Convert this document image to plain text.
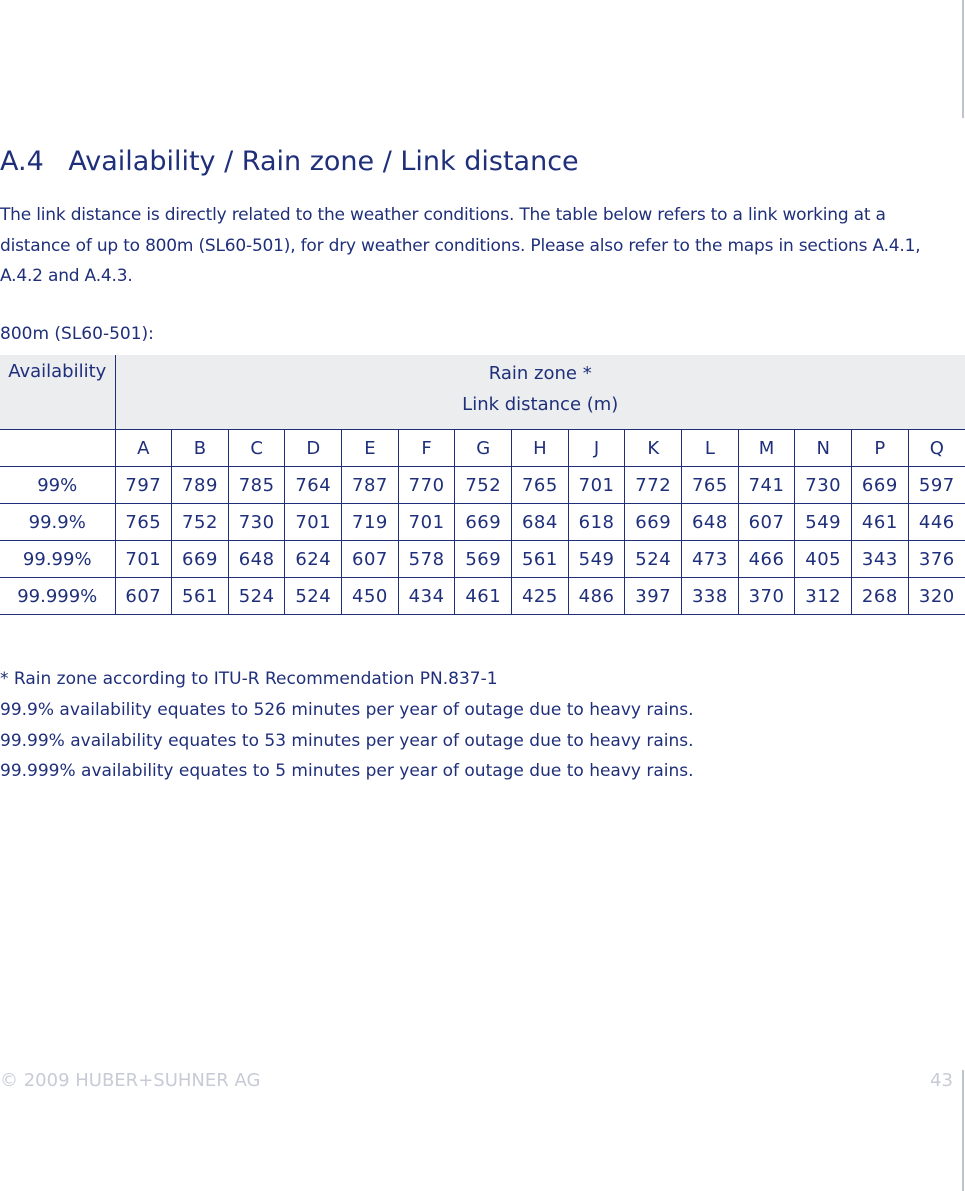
A.4 Availability / Rain zone / Link distance

The link distance is directly related to the weather conditions. The table below refers to a link working at a distance of up to 800m (SL60-501), for dry weather conditions. Please also refer to the maps in sections A.4.1, A.4.2 and A.4.3.

800m (SL60-501):

Availability	Rain zone *
Link distance (m)														

	A	B	C	D	E	F	G	H	J	K	L	M	N	P	Q
99%	797	789	785	764	787	770	752	765	701	772	765	741	730	669	597
99.9%	765	752	730	701	719	701	669	684	618	669	648	607	549	461	446
99.99%	701	669	648	624	607	578	569	561	549	524	473	466	405	343	376
99.999%	607	561	524	524	450	434	461	425	486	397	338	370	312	268	320
* Rain zone according to ITU-R Recommendation PN.837-1
99.9% availability equates to 526 minutes per year of outage due to heavy rains.
99.99% availability equates to 53 minutes per year of outage due to heavy rains.
99.999% availability equates to 5 minutes per year of outage due to heavy rains.
© 2009 HUBER+SUHNER AG	43
